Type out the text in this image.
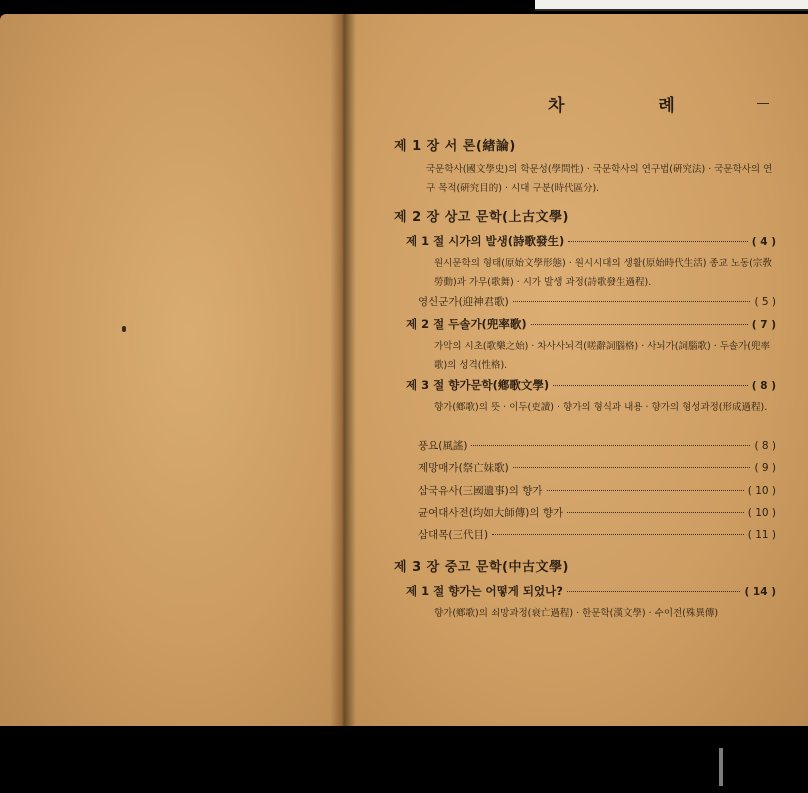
차 례
제 1 장 서 론(緖論)
국문학사(國文學史)의 학문성(學問性) · 국문학사의 연구법(硏究法) · 국문학사의 연구 목적(硏究目的) · 시대 구분(時代區分).
제 2 장 상고 문학(上古文學)
제 1 절 시가의 발생(詩歌發生)	( 4 )
원시문학의 형태(原始文學形態) · 원시시대의 생활(原始時代生活) 종교 노동(宗敎勞動)과 가무(歌舞) · 시가 발생 과정(詩歌發生過程).
영신군가(迎神君歌)	( 5 )
제 2 절 두솔가(兜率歌)	( 7 )
가악의 시초(歌樂之始) · 차사사뇌격(嗟辭詞腦格) · 사뇌가(詞腦歌) · 두솔가(兜率歌)의 성격(性格).
제 3 절 향가문학(鄕歌文學)	( 8 )
향가(鄕歌)의 뜻 · 이두(吏讀) · 향가의 형식과 내용 · 향가의 형성과정(形成過程).
풍요(風謠)	( 8 )
제망매가(祭亡妹歌)	( 9 )
삼국유사(三國遺事)의 향가	( 10 )
균여대사전(均如大師傳)의 향가	( 10 )
삼대목(三代目)	( 11 )
제 3 장 중고 문학(中古文學)
제 1 절 향가는 어떻게 되었나?	( 14 )
향가(鄕歌)의 쇠망과정(衰亡過程) · 한문학(漢文學) · 수이전(殊異傳)
